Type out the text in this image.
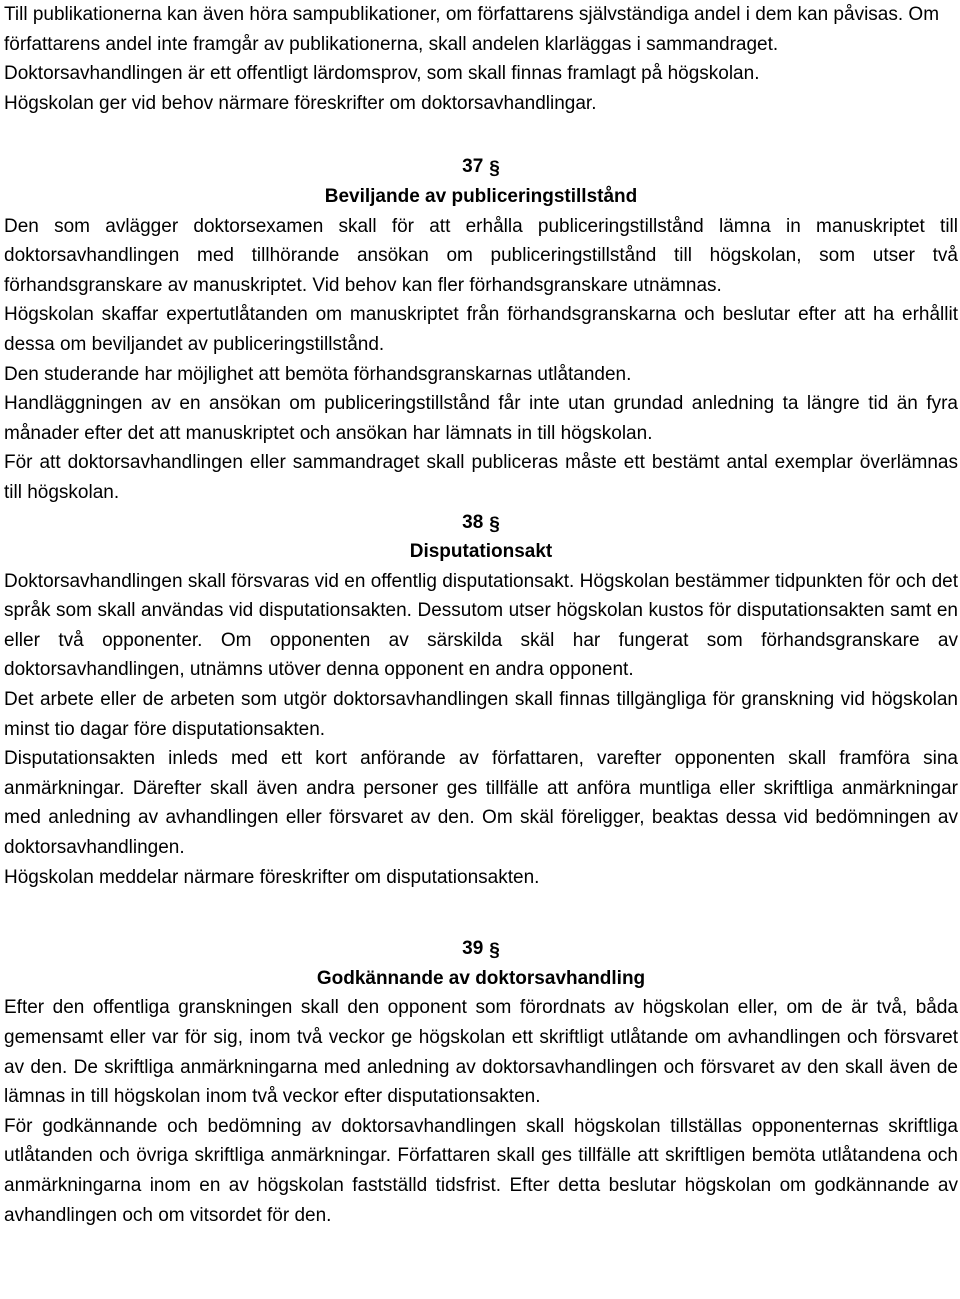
Till publikationerna kan även höra sampublikationer, om författarens självständiga andel i dem kan påvisas. Om författarens andel inte framgår av publikationerna, skall andelen klarläggas i sammandraget.

Doktorsavhandlingen är ett offentligt lärdomsprov, som skall finnas framlagt på högskolan.

Högskolan ger vid behov närmare föreskrifter om doktorsavhandlingar.

37 §

Beviljande av publiceringstillstånd

Den som avlägger doktorsexamen skall för att erhålla publiceringstillstånd lämna in manuskriptet till doktorsavhandlingen med tillhörande ansökan om publiceringstillstånd till högskolan, som utser två förhandsgranskare av manuskriptet. Vid behov kan fler förhandsgranskare utnämnas.

Högskolan skaffar expertutlåtanden om manuskriptet från förhandsgranskarna och beslutar efter att ha erhållit dessa om beviljandet av publiceringstillstånd.

Den studerande har möjlighet att bemöta förhandsgranskarnas utlåtanden.

Handläggningen av en ansökan om publiceringstillstånd får inte utan grundad anledning ta längre tid än fyra månader efter det att manuskriptet och ansökan har lämnats in till högskolan.

För att doktorsavhandlingen eller sammandraget skall publiceras måste ett bestämt antal exemplar överlämnas till högskolan.

38 §

Disputationsakt

Doktorsavhandlingen skall försvaras vid en offentlig disputationsakt. Högskolan bestämmer tidpunkten för och det språk som skall användas vid disputationsakten. Dessutom utser högskolan kustos för disputationsakten samt en eller två opponenter. Om opponenten av särskilda skäl har fungerat som förhandsgranskare av doktorsavhandlingen, utnämns utöver denna opponent en andra opponent.

Det arbete eller de arbeten som utgör doktorsavhandlingen skall finnas tillgängliga för granskning vid högskolan minst tio dagar före disputationsakten.

Disputationsakten inleds med ett kort anförande av författaren, varefter opponenten skall framföra sina anmärkningar. Därefter skall även andra personer ges tillfälle att anföra muntliga eller skriftliga anmärkningar med anledning av avhandlingen eller försvaret av den. Om skäl föreligger, beaktas dessa vid bedömningen av doktorsavhandlingen.

Högskolan meddelar närmare föreskrifter om disputationsakten.

39 §

Godkännande av doktorsavhandling

Efter den offentliga granskningen skall den opponent som förordnats av högskolan eller, om de är två, båda gemensamt eller var för sig, inom två veckor ge högskolan ett skriftligt utlåtande om avhandlingen och försvaret av den. De skriftliga anmärkningarna med anledning av doktorsavhandlingen och försvaret av den skall även de lämnas in till högskolan inom två veckor efter disputationsakten.

För godkännande och bedömning av doktorsavhandlingen skall högskolan tillställas opponenternas skriftliga utlåtanden och övriga skriftliga anmärkningar. Författaren skall ges tillfälle att skriftligen bemöta utlåtandena och anmärkningarna inom en av högskolan fastställd tidsfrist. Efter detta beslutar högskolan om godkännande av avhandlingen och om vitsordet för den.
